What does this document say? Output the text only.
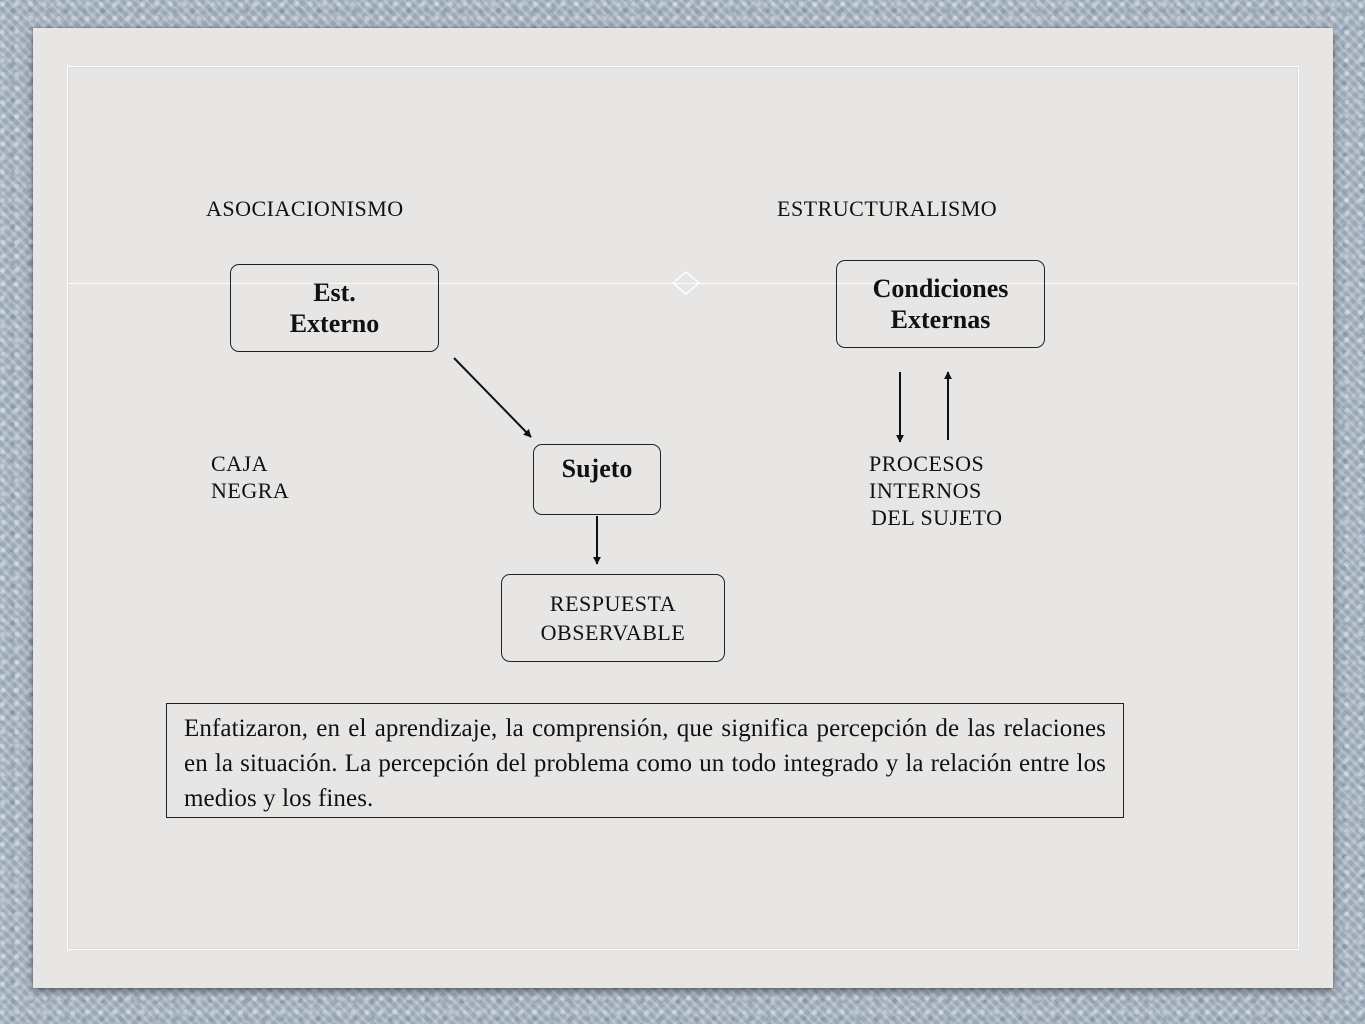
ASOCIACIONISMO	ESTRUCTURALISMO
Est.
Externo
Condiciones
Externas
Sujeto
RESPUESTA
OBSERVABLE
CAJA
NEGRA
PROCESOS
INTERNOS
DEL SUJETO
Enfatizaron, en el aprendizaje, la comprensión, que significa percepción de las relaciones en la situación. La percepción del problema como un todo integrado y la relación entre los medios y los fines.
